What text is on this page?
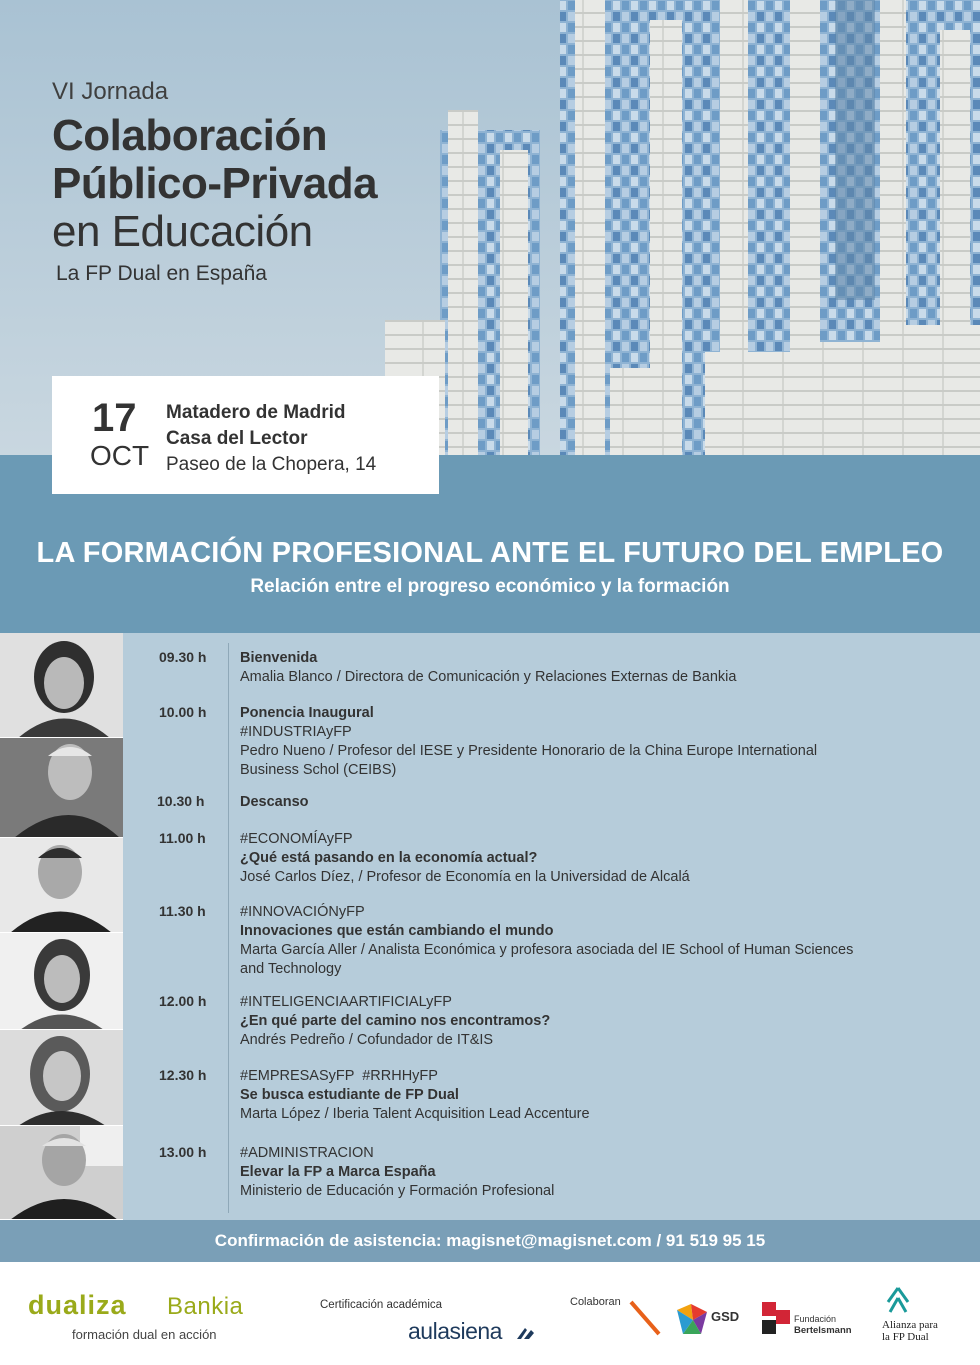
VI Jornada
Colaboración
Público-Privada
en Educación
La FP Dual en España
17
OCT
Matadero de Madrid
Casa del Lector
Paseo de la Chopera, 14
LA FORMACIÓN PROFESIONAL ANTE EL FUTURO DEL EMPLEO
Relación entre el progreso económico y la formación
09.30 h Bienvenida
Amalia Blanco / Directora de Comunicación y Relaciones Externas de Bankia
10.00 h Ponencia Inaugural
#INDUSTRIAyFP
Pedro Nueno / Profesor del IESE y Presidente Honorario de la China Europe International
Business Schol (CEIBS)
10.30 h Descanso
11.00 h #ECONOMÍAyFP
¿Qué está pasando en la economía actual?
José Carlos Díez, / Profesor de Economía en la Universidad de Alcalá
11.30 h #INNOVACIÓNyFP
Innovaciones que están cambiando el mundo
Marta García Aller / Analista Económica y profesora asociada del IE School of Human Sciences
and Technology
12.00 h #INTELIGENCIAARTIFICIALyFP
¿En qué parte del camino nos encontramos?
Andrés Pedreño / Cofundador de IT&IS
12.30 h #EMPRESASyFP  #RRHHyFP
Se busca estudiante de FP Dual
Marta López / Iberia Talent Acquisition Lead Accenture
13.00 h #ADMINISTRACION
Elevar la FP a Marca España
Ministerio de Educación y Formación Profesional
Confirmación de asistencia: magisnet@magisnet.com / 91 519 95 15
dualiza Bankia
formación dual en acción
Certificación académica
aulasiena
Colaboran
GSD	Fundación
Bertelsmann	Alianza para
la FP Dual
